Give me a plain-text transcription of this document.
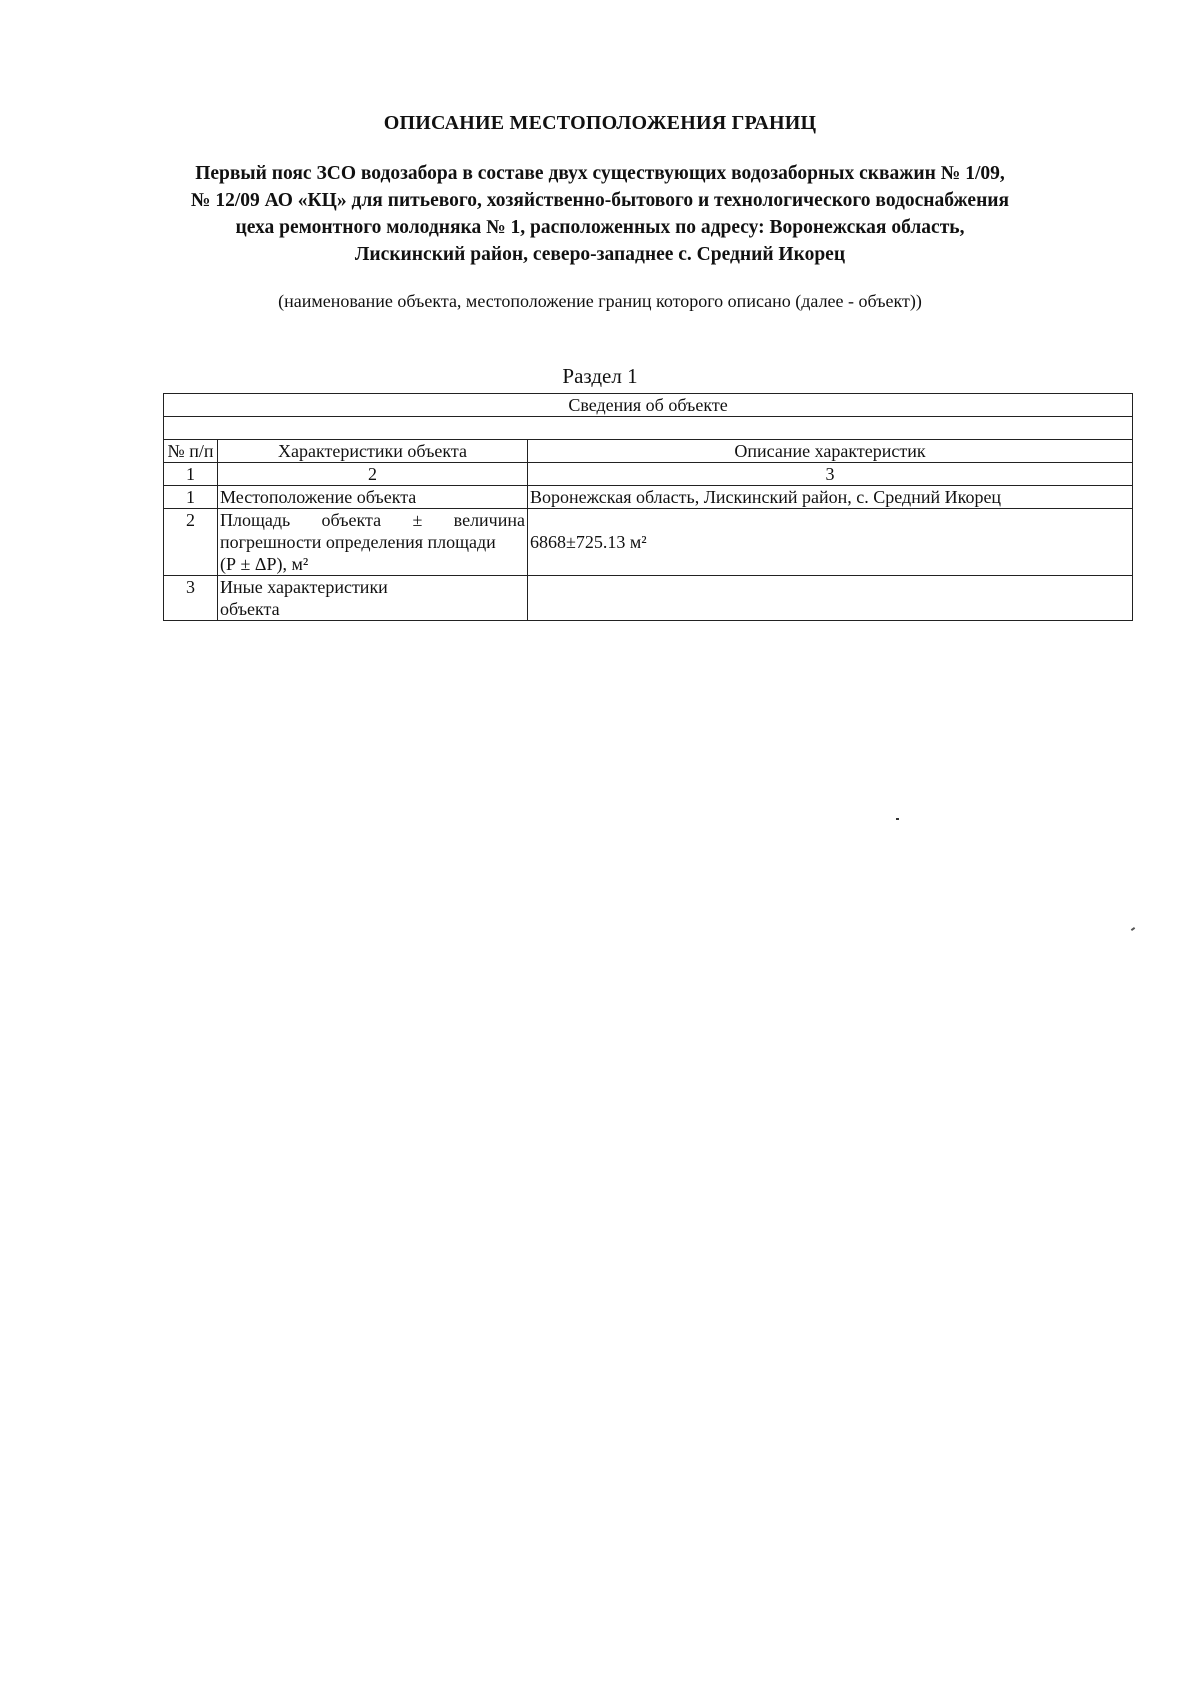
ОПИСАНИЕ МЕСТОПОЛОЖЕНИЯ ГРАНИЦ
Первый пояс ЗСО водозабора в составе двух существующих водозаборных скважин № 1/09,
№ 12/09 АО «КЦ» для питьевого, хозяйственно-бытового и технологического водоснабжения
цеха ремонтного молодняка № 1, расположенных по адресу: Воронежская область,
Лискинский район, северо-западнее с. Средний Икорец
(наименование объекта, местоположение границ которого описано (далее - объект))
Раздел 1
Сведения об объекте		

№ п/п	Характеристики объекта	Описание характеристик
1	2	3
1	Местоположение объекта	Воронежская область, Лискинский район, с. Средний Икорец
2	Площадь объекта ± величина
погрешности определения площади
(Р ± ΔР), м²	6868±725.13 м²
3	Иные характеристики
объекта	
